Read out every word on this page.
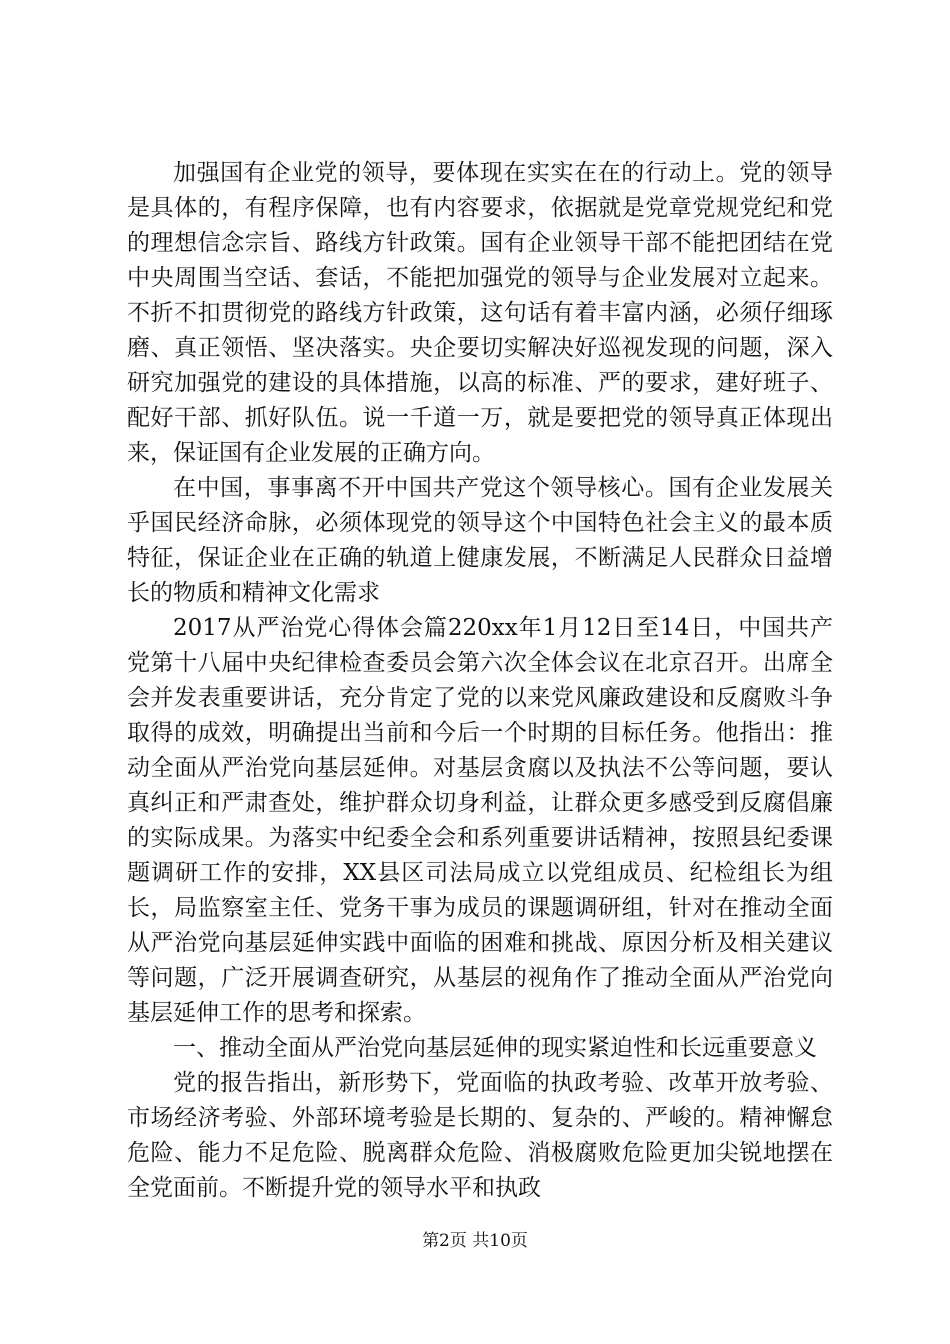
加强国有企业党的领导，要体现在实实在在的行动上。党的领导是具体的，有程序保障，也有内容要求，依据就是党章党规党纪和党的理想信念宗旨、路线方针政策。国有企业领导干部不能把团结在党中央周围当空话、套话，不能把加强党的领导与企业发展对立起来。不折不扣贯彻党的路线方针政策，这句话有着丰富内涵，必须仔细琢磨、真正领悟、坚决落实。央企要切实解决好巡视发现的问题，深入研究加强党的建设的具体措施，以高的标准、严的要求，建好班子、配好干部、抓好队伍。说一千道一万，就是要把党的领导真正体现出来，保证国有企业发展的正确方向。

在中国，事事离不开中国共产党这个领导核心。国有企业发展关乎国民经济命脉，必须体现党的领导这个中国特色社会主义的最本质特征，保证企业在正确的轨道上健康发展，不断满足人民群众日益增长的物质和精神文化需求

2017从严治党心得体会篇220xx年1月12日至14日，中国共产党第十八届中央纪律检查委员会第六次全体会议在北京召开。出席全会并发表重要讲话，充分肯定了党的以来党风廉政建设和反腐败斗争取得的成效，明确提出当前和今后一个时期的目标任务。他指出：推动全面从严治党向基层延伸。对基层贪腐以及执法不公等问题，要认真纠正和严肃查处，维护群众切身利益，让群众更多感受到反腐倡廉的实际成果。为落实中纪委全会和系列重要讲话精神，按照县纪委课题调研工作的安排，XX县区司法局成立以党组成员、纪检组长为组长，局监察室主任、党务干事为成员的课题调研组，针对在推动全面从严治党向基层延伸实践中面临的困难和挑战、原因分析及相关建议等问题，广泛开展调查研究，从基层的视角作了推动全面从严治党向基层延伸工作的思考和探索。

一、推动全面从严治党向基层延伸的现实紧迫性和长远重要意义

党的报告指出，新形势下，党面临的执政考验、改革开放考验、市场经济考验、外部环境考验是长期的、复杂的、严峻的。精神懈怠危险、能力不足危险、脱离群众危险、消极腐败危险更加尖锐地摆在全党面前。不断提升党的领导水平和执政

第2页 共10页
